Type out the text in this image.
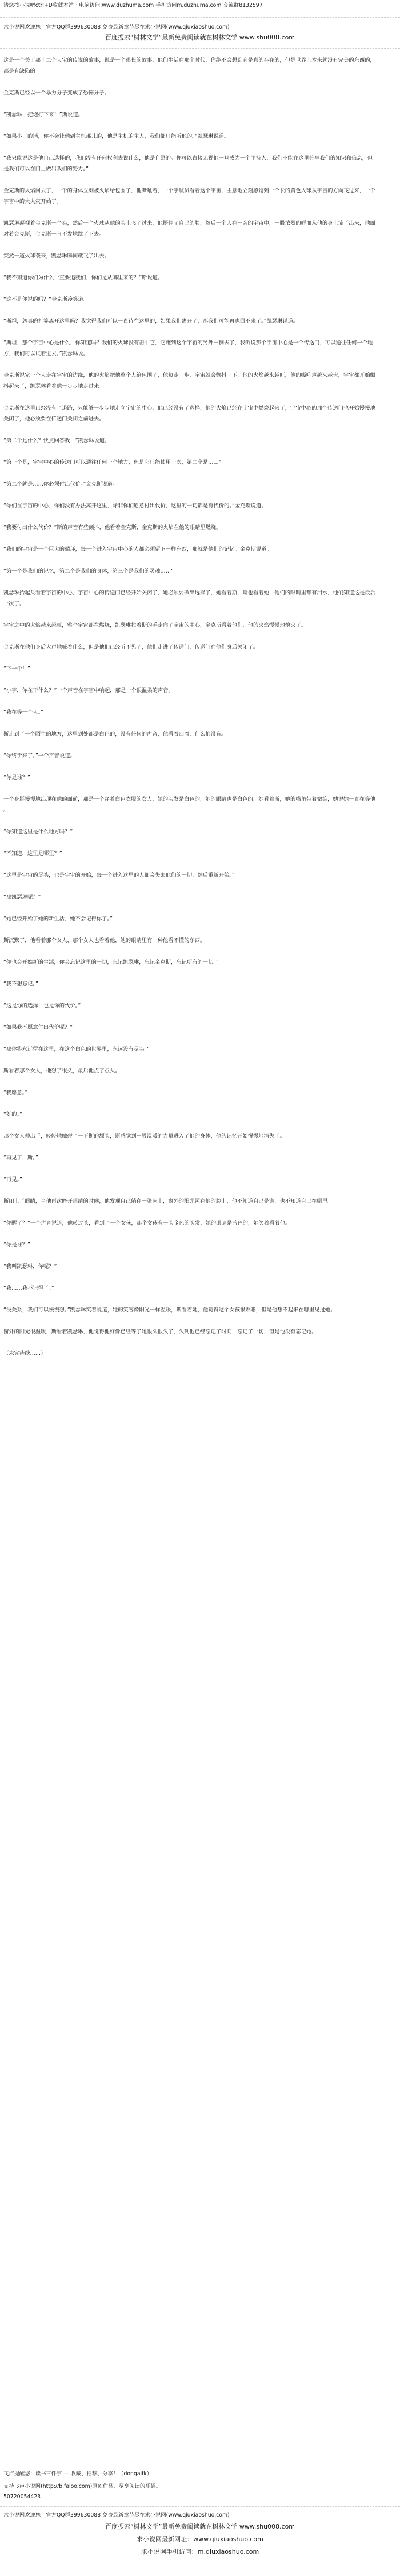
请您按小说吧ctrl+D收藏本站 · 电脑访问:www.duzhuma.com 手机访问m.duzhuma.com 交流群8132597
求小说网欢迎您！官方QQ群399630088 免费最新章节尽在求小说网(www.qiuxiaoshuo.com)
百度搜索“树林文学”最新免费阅读就在树林文学 www.shu008.com
这是一个关于那十二个天宝的传说的故事，说是一个很长的故事，他们生活在那个时代，你绝不会想到它是真的存在的，但是世界上本来就没有完美的东西的，
都是有缺陷的
金克斯已经以一个暴力分子变成了恐怖分子。
“凯瑟琳，把炮打下来！”斯说道。
“如果小丁的话，你不会让他到主机那儿的，他是主机的主人，我们都只能听他的。”凯瑟琳说道。
“我只能说这是他自己选择的，我们没有任何权利去说什么，他是自愿的。你可以直接无视他一旦成为一个主持人，我们不能在这里分享我们的知识和信息，但
是我们可以在门上做出我们的努力。”
金克斯的火焰回去了，一个的身体立刻被火焰给包围了，他嘶吼着，一个宇航员看着这个宇宙，主意地立刻感觉到一个长的黄色火球从宇宙的方向飞过来，一个
宇宙中的大火灾开始了。
凯瑟琳凝视着金克斯一个头，然后一个火球从他的头上飞了过来，他捂住了自己的脸，然后一个人在一旁的宇宙中，一股浓烈的鲜血从他的身上流了出来，他面
对着金克斯，金克斯一言不发地跳了下去。
突然一道火球袭来，凯瑟琳瞬间就飞了出去。
“我不知道你们为什么一直要追我们，你们是从哪里来的？”斯说道。
“这不是你说的吗？”金克斯冷笑道。
“斯坦，您真的打算离开这里吗？我觉得我们可以一直待在这里的，如果我们离开了，那我们可能再也回不来了。”凯瑟琳说道。
“斯坦，那个宇宙中心是什么，你知道吗？我们的火球没有击中它，它跑到这个宇宙的另外一侧去了，我听说那个宇宙中心是一个传送门，可以通往任何一个地
方，我们可以试着进去。”凯瑟琳说。
金克斯说完一个人走在宇宙的边缘，他的火焰把他整个人给包围了，他每走一步，宇宙就会颤抖一下，他的火焰越来越旺，他的嘶吼声越来越大，宇宙都开始颤
抖起来了，凯瑟琳看着他一步步地走过来。
金克斯在这里已经没有了退路，只能够一步步地走向宇宙的中心，他已经没有了选择，他的火焰已经在宇宙中燃烧起来了，宇宙中心的那个传送门也开始慢慢地
关闭了，他必须要在传送门关闭之前进去。
“第二个是什么？快点回答我！”凯瑟琳说道。
“第一个是，宇宙中心的传送门可以通往任何一个地方，但是它只能使用一次，第二个是……”
“第二个就是……你必须付出代价。”金克斯说道。
“你们在宇宙的中心，你们没有办法离开这里，除非你们愿意付出代价，这里的一切都是有代价的。”金克斯说道。
“我要付出什么代价？”斯的声音有些颤抖，他看着金克斯，金克斯的火焰在他的眼睛里燃烧。
“我们的宇宙是一个巨大的循环，每一个进入宇宙中心的人都必须留下一样东西，那就是他们的记忆。”金克斯说道。
“第一个是我们的记忆，第二个是我们的身体，第三个是我们的灵魂……”
凯瑟琳抬起头看着宇宙的中心，宇宙中心的传送门已经开始关闭了，她必须要做出选择了，她看着斯，斯也看着她，他们的眼睛里都有泪水，他们知道这是最后
一次了。
宇宙之中的火焰越来越旺，整个宇宙都在燃烧，凯瑟琳拉着斯的手走向了宇宙的中心，金克斯看着他们，他的火焰慢慢地熄灭了。
金克斯在他们身后大声地喊着什么，但是他们已经听不见了，他们走进了传送门，传送门在他们身后关闭了。
“下一个！”
“小宇，你在干什么？”一个声音在宇宙中响起，那是一个很温柔的声音。
“我在等一个人。”
斯走到了一个陌生的地方，这里到处都是白色的，没有任何的声音，他看着四周，什么都没有。
“你终于来了。”一个声音说道。
“你是谁？”
一个身影慢慢地出现在他的面前，那是一个穿着白色衣服的女人，她的头发是白色的，她的眼睛也是白色的，她看着斯，她的嘴角带着微笑，她说她一直在等他
。
“你知道这里是什么地方吗？”
“不知道，这里是哪里？”
“这里是宇宙的尽头，也是宇宙的开始，每一个进入这里的人都会失去他们的一切，然后重新开始。”
“那凯瑟琳呢？”
“她已经开始了她的新生活，她不会记得你了。”
斯沉默了，他看着那个女人，那个女人也看着他，她的眼睛里有一种他看不懂的东西。
“你也会开始新的生活，你会忘记这里的一切，忘记凯瑟琳，忘记金克斯，忘记所有的一切。”
“我不想忘记。”
“这是你的选择，也是你的代价。”
“如果我不愿意付出代价呢？”
“那你将永远留在这里，在这个白色的世界里，永远没有尽头。”
斯看着那个女人，他想了很久，最后他点了点头。
“我愿意。”
“好的。”
那个女人伸出手，轻轻地触碰了一下斯的额头，斯感觉到一股温暖的力量进入了他的身体，他的记忆开始慢慢地消失了。
“再见了，斯。”
“再见。”
斯闭上了眼睛，当他再次睁开眼睛的时候，他发现自己躺在一张床上，窗外的阳光照在他的脸上，他不知道自己是谁，也不知道自己在哪里。
“你醒了？”一个声音说道，他转过头，看到了一个女孩，那个女孩有一头金色的头发，她的眼睛是蓝色的，她笑着看着他。
“你是谁？”
“我叫凯瑟琳，你呢？”
“我……我不记得了。”
“没关系，我们可以慢慢想。”凯瑟琳笑着说道，她的笑容像阳光一样温暖，斯看着她，他觉得这个女孩很熟悉，但是他想不起来在哪里见过她。
窗外的阳光很温暖，斯看着凯瑟琳，他觉得他好像已经等了她很久很久了，久到他已经忘记了时间，忘记了一切，但是他没有忘记她。
（未完待续……）
飞卢提醒您：读书三件事 — 收藏、推荐、分享！（dongaifk）
支持飞卢小说网(http://b.faloo.com)原创作品，尽享阅读的乐趣。
50720054423
求小说网欢迎您！官方QQ群399630088 免费最新章节尽在求小说网(www.qiuxiaoshuo.com)
百度搜索“树林文学”最新免费阅读就在树林文学 www.shu008.com
求小说网最新网址：www.qiuxiaoshuo.com
求小说网手机访问：m.qiuxiaoshuo.com
